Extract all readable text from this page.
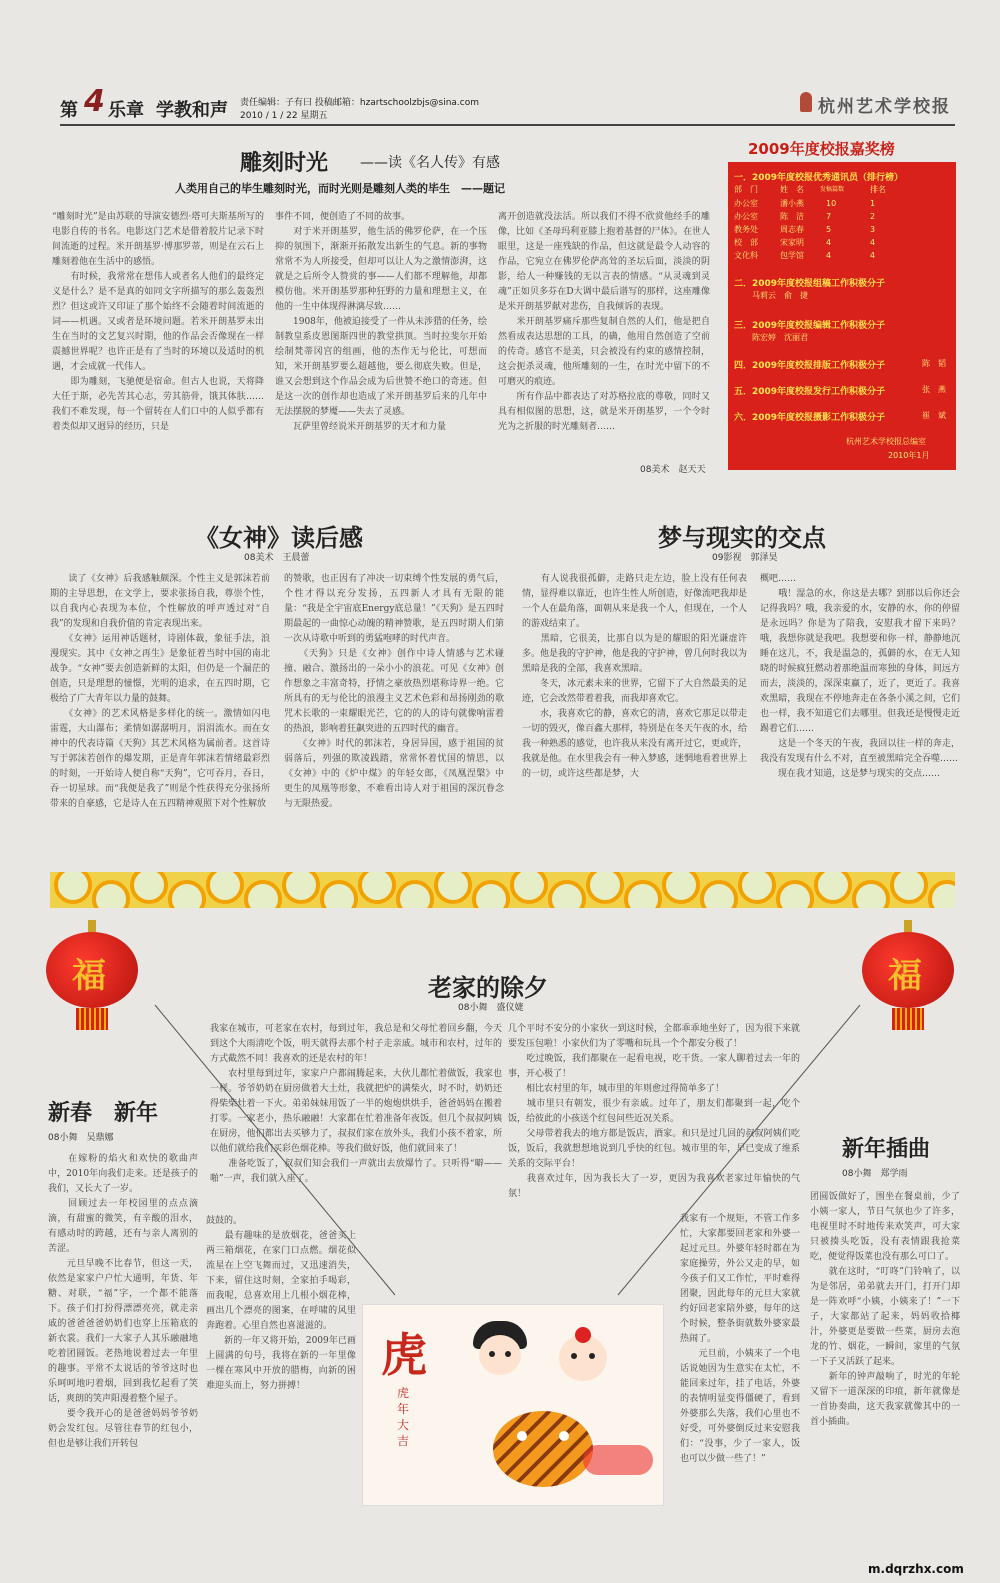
第 4 乐章 学教和声 责任编辑：子有曰 投稿邮箱：hzartschoolzbjs@sina.com
2010 / 1 / 22 星期五	杭州艺术学校报
雕刻时光 ——读《名人传》有感
人类用自己的毕生雕刻时光，而时光则是雕刻人类的毕生　——题记
“雕刻时光”是由苏联的导演安德烈·塔可夫斯基所写的电影自传的书名。电影这门艺术是借着胶片记录下时间流逝的过程。米开朗基罗·博那罗蒂，则是在云石上雕刻着他在生活中的感悟。
　　有时候，我常常在想伟人或者名人他们的最终定义是什么？是不是真的如同文字所描写的那么轰轰烈烈？但这或许又印证了那个始终不会随着时间流逝的词——机遇。又或者是环境问题。若米开朗基罗未出生在当时的文艺复兴时期，他的作品会否像现在一样震撼世界呢？也许正是有了当时的环境以及适时的机遇，才会成就一代伟人。
　　即为雕刻，飞驰便是宿命。但古人也说，天将降大任于斯，必先苦其心志，劳其筋骨，饿其体肤……我们不难发现，每一个留转在人们口中的人似乎都有着类似却又迥异的经历，只是
事件不同，便创造了不同的故事。
　　对于米开朗基罗，他生活的佛罗伦萨，在一个压抑的氛围下，渐渐开拓散发出新生的气息。新的事物常常不为人所接受，但却可以让人为之激情澎湃，这就是之后所令人赞赏的事——人们都不理解他，却都模仿他。米开朗基罗那种狂野的力量和理想主义，在他的一生中体现得淋漓尽致……
　　1908年，他被迫接受了一件从未涉猎的任务，绘制教皇系皮恩图斯四世的教堂拱顶。当时拉斐尔开始绘制梵蒂冈宫的组画，他的杰作无与伦比，可想而知，米开朗基罗要么超越他，要么彻底失败。但是，谁又会想到这个作品会成为后世赞不绝口的奇迹。但是这一次的创作却也造成了米开朗基罗后来的几年中无法摆脱的梦魇——失去了灵感。
　　瓦萨里曾经说米开朗基罗的天才和力量
离开创造就没法活。所以我们不得不欣赏他经手的雕像，比如《圣母玛利亚膝上抱着基督的尸体》。在世人眼里，这是一座残缺的作品，但这就是最令人动容的作品，它宛立在佛罗伦萨高耸的圣坛后面，淡淡的阴影，给人一种赚钱的无以言表的情感。“从灵魂到灵魂”正如贝多芬在D大调中最后谱写的那样，这座雕像是米开朗基罗献对悲伤，自我倾诉的表现。
　　米开朗基罗痛斥那些复制自然的人们，他是把自然看成表达思想的工具，的确，他用自然创造了空前的传奇。感官不是美，只会被没有约束的感情控制，这会扼杀灵魂，他所雕刻的一生，在时光中留下的不可磨灭的痕迹。
　　所有作品中都表达了对苏格拉底的尊敬，同时又具有相似图的思想，这，就是米开朗基罗，一个令时光为之折服的时光雕刻者……
08美术　赵天天
2009年度校报嘉奖榜
一．2009年度校报优秀通讯员（排行榜）
部　门	姓　名	发稿篇数	排名
办公室	潘小燕	10	1
办公室	陈　洁	7	2
教务处	周志春	5	3
校　部	宋家明	4	4
文化科	包学馆	4	4
二．2009年度校报组稿工作积极分子
马莉云　俞　捷
三．2009年度校报编辑工作积极分子
陈宏婷　沈丽君
四．2009年度校报排版工作积极分子	陈　韬
五．2009年度校报发行工作积极分子	张　燕
六．2009年度校报摄影工作积极分子	崔　斌
杭州艺术学校报总编室
2010年1月
《女神》读后感
08美术　王晨蕾
　　读了《女神》后我感触颇深。个性主义是郭沫若前期的主导思想，在文学上，要求张扬自我，尊崇个性，以自我内心表现为本位，个性解放的呼声透过对“自我”的发现和自我价值的肯定表现出来。
　　《女神》运用神话题材，诗剧体裁，象征手法，浪漫现实。其中《女神之再生》是象征着当时中国的南北战争。“女神”要去创造新鲜的太阳，但仍是一个漏茫的创造，只是理想的憧憬，光明的追求，在五四时期，它极给了广大青年以力量的鼓舞。
　　《女神》的艺术风格是多样化的统一。激情如闪电雷霆，大山瀑布；柔情如潺潺明月，涓涓流水。而在女神中的代表诗篇《天狗》其艺术风格为属前者。这首诗写于郭沫若创作的爆发期，正是青年郭沫若情绪最彩烈的时刻，一开始诗人便自称“天狗”，它可吞月，吞日，吞一切星球。而“我便是我了”则是个性获得充分张扬所带来的自豪感，它是诗人在五四精神观照下对个性解放
的赞歌，也正因有了冲决一切束缚个性发展的勇气后，个性才得以充分发扬，五四新人才具有无限的能量：“我是全宇宙底Energy底总量！”《天狗》是五四时期最起的一曲惊心动魄的精神赞歌，是五四时期人们第一次从诗歌中听到的勇猛咆哮的时代声音。
　　《天狗》只是《女神》创作中诗人情感与艺术碰撞、融合、激扬出的一朵小小的浪花。可见《女神》创作想象之丰富奇特，抒情之豪放热烈堪称诗界一绝。它所具有的无与伦比的浪漫主义艺术色彩和昂扬刚劲的歌咒术长歌的一束耀眼光芒，它的的人的诗句就像响雷着的热浪，影响着狂飙突进的五四时代的幽音。
　　《女神》时代的郭沫若，身居异国，感于祖国的贫弱落后，列强的欺凌践踏，常常怀着忧国的情思，以《女神》中的《炉中煤》的年轻女郎，《凤凰涅槃》中更生的凤凰等形象，不难看出诗人对于祖国的深沉眷念与无限热爱。
梦与现实的交点
09影视　郭泽昊
　　有人说我很孤僻，走路只走左边，脸上没有任何表情，显得难以靠近，也许生性人所创造，好像流吧我却是一个人在最角落，面朝从来是我一个人，但现在，一个人的游戏结束了。
　　黑暗，它很美，比那自以为是的耀眼的阳光谦虚许多。他是我的守护神，他是我的守护神，曾几何时我以为黑暗是我的全部，我喜欢黑暗。
　　冬天，冰元素未来的世界，它留下了大自然最美的足迹，它会改然带着着我，而我却喜欢它。
　　水，我喜欢它的静，喜欢它的清，喜欢它那足以带走一切的毁灭，像百鑫大那样，特别是在冬天午夜的水，给我一种熟悉的感觉，也许我从来没有离开过它，更或许，我就是他。在水里我会有一种入梦感，迷惘地看着世界上的一切，或许这些都是梦，大
概吧……
　　哦！湿急的水，你这是去哪？到那以后你还会记得我吗？哦，我亲爱的水，安静的水，你的停留是永远吗？你是为了陪我，安慰我才留下来吗？哦，我想你就是我吧。我想要和你一样，静静地沉睡在这儿，不，我是温急的，孤僻的水，在无人知晓的时候疯狂燃动着那绝温而寒独的身体，间远方而去，淡淡的，深深束赢了，近了，更近了。我喜欢黑暗，我现在不停地奔走在各条小溪之间，它们也一样，我不知道它们去哪里。但我还是慢慢走近踢着它们……
　　这是一个冬天的午夜，我回以往一样的奔走，我没有发现有什么不对，直至被黑暗完全吞噬……
　　现在我才知道，这是梦与现实的交点……
福	福
老家的除夕
08小舞　盛仪婕
我家在城市，可老家在农村，每到过年，我总是和父母忙着回乡翻，今天到这个大雨清吃个饭，明天就得去那个村子走亲戚。城市和农村，过年的方式截然不同！我喜欢的还是农村的年！
　　农村里每到过年，家家户户都闹腾起来，大伙儿都忙着做饭，我家也一样。爷爷奶奶在厨房做着大土灶，我就把炉的满柴火，时不时，奶奶还得柴柴灶着一下火。弟弟妹妹用饭了一半的炮炮烘烘手，爸爸妈妈在搬着打零。一家老小，热乐融融！大家都在忙着准备年夜饭。但几个叔叔阿姨在厨房，他们都出去买够力了，叔叔们家在放外头，我们小孩不着家，所以他们就给我们买彩色烟花棒。等我们做好饭，他们就回来了！
　　准备吃饭了，叔叔们知会我们一声就出去放爆竹了。只听得“噼——啪”一声，我们就入座了。
几个平时不安分的小家伙一到这时候，全都乖乖地坐好了，因为很下来就要发压包啦！小家伙们为了零嘴和玩具一个个都安分极了！
　　吃过晚饭，我们都聚在一起看电视，吃干货。一家人聊着过去一年的事，开心极了！
　　相比农村里的年，城市里的年则愈过得简单多了！
　　城市里只有朝发，很少有亲戚。过年了，朋友们都聚到一起，吃个饭，给彼此的小孩送个红包问些近况关系。
　　父母带着我去的地方都是饭店，酒家。和只是过几回的叔叔阿姨们吃饭，饭后，我就想想地说到几乎快的红包。城市里的年，早已变成了维系关系的交际平台！
　　我喜欢过年，因为我长大了一岁，更因为我喜欢老家过年愉快的气氛！
新春　新年
08小舞　吴鼎娜
　　在嫁粉的焰火和欢快的歌曲声中，2010年向我们走来。还是孩子的我们，又长大了一岁。
　　回顾过去一年校园里的点点滴滴，有甜蜜的微笑，有辛酸的泪水，有感动时的跨越，还有与亲人离别的苦涩。
　　元旦早晚不比春节，但这一天，依然是家家户户忙大通明，年货、年糖、对联，“福”字，一个都不能落下。孩子们打扮得漂漂亮亮，就走亲戚的爸爸爸爸奶奶们也穿上压箱底的新衣裳。我们一大家子人其乐融融地吃着团圆饭。老热地说着过去一年里的趣事。平常不太说话的爷爷这时也乐呵呵地叼着烟，回到我忆起看了笑话，爽朗的笑声阳漫着整个屋子。
　　要令我开心的是爸爸妈妈爷爷奶奶会发红包。尽管往春节的红包小，但也是够让我们开转包
鼓鼓的。
　　最有趣味的是放烟花，爸爸买上两三箱烟花，在家门口点燃。烟花似流星在上空飞舞而过，又迅速消失，下来，留住这时刻，全家拍手喝彩，而我呢，总喜欢用上几根小烟花棒，画出几个漂亮的图案，在呼啸的风里奔跑着。心里自然也喜滋滋的。
　　新的一年又将开始，2009年已画上圆满的句号，我将在新的一年里像一棵在寒风中开放的腊梅，向新的困难迎头而上，努力拼搏！
新年插曲
08小舞　郑学雨
我家有一个规矩，不管工作多忙，大家都要回老家和外婆一起过元旦。外婆年轻时都在为家庭操劳，外公又走的早，如今孩子们又工作忙，平时难得团聚，因此每年的元旦大家就约好回老家陪外婆，每年的这个时候，整条街就数外婆家最热闹了。
　　元旦前，小姨来了一个电话说她因为生意实在太忙，不能回来过年，挂了电话，外婆的表情明显变得僵硬了，看到外婆那么失落，我们心里也不好受，可外婆倒反过来安慰我们：“没事，少了一家人，饭也可以少做一些了！”
团圆饭做好了，围坐在餐桌前，少了小姨一家人，节日气氛也少了许多，电视里时不时地传来欢笑声，可大家只被揍头吃饭，没有表情跟我抢菜吃，便觉得饭菜也没有那么可口了。
　　就在这时，“叮咚”门铃响了，以为是邻居，弟弟就去开门，打开门却是一阵欢呼“小姨，小姨来了！”一下子，大家都站了起来，妈妈收拾椰汁，外婆更是要做一些菜，厨房去泡龙的竹、烟花，一瞬间，家里的气氛一下子又活跃了起来。
　　新年的钟声敲响了，时光的年轮又留下一道深深的印痕，新年就像是一首协奏曲，这天我家就像其中的一首小插曲。
虎
虎年大吉
m.dqrzhx.com
